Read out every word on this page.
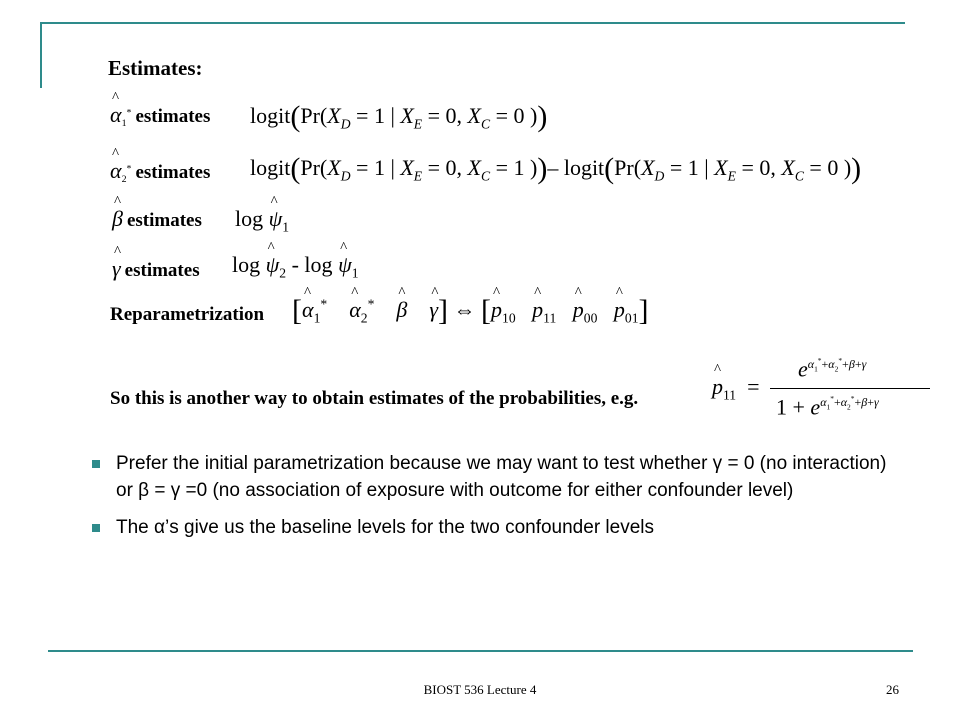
Estimates:
^ $\alpha_1^*$ estimates $logit(Pr(X_D = 1$ | $X_E = 0$, $X_C = 0$ ))
^ $\alpha_2^*$ estimates $logit(Pr(X_D = 1$ | $X_E = 0$, $X_C = 1$ ))– $logit(Pr(X_D = 1$ | $X_E = 0$, $X_C = 0$ ))
^ β estimates log ^ $\psi_1$
^ γ estimates log ^ $\psi_2$ - log ^ $\psi_1$
Reparametrization [^ $\alpha_1^*$ ^ $\alpha_2^*$ ^ β ^ γ] ⇔ [^ $p_{10}$ ^ $p_{11}$ ^ $p_{00}$ ^ $p_{01}$]
So this is another way to obtain estimates of the probabilities, e.g.	^ $p_{11}$  =
$e^{\alpha_1^*+\alpha_2^*+\beta+\gamma}$
$1 + e^{\alpha_1^*+\alpha_2^*+\beta+\gamma}$
Prefer the initial parametrization because we may want to test whether γ = 0 (no interaction) or β = γ =0 (no association of exposure with outcome for either confounder level)
The α’s give us the baseline levels for the two confounder levels
BIOST 536 Lecture 4	26
